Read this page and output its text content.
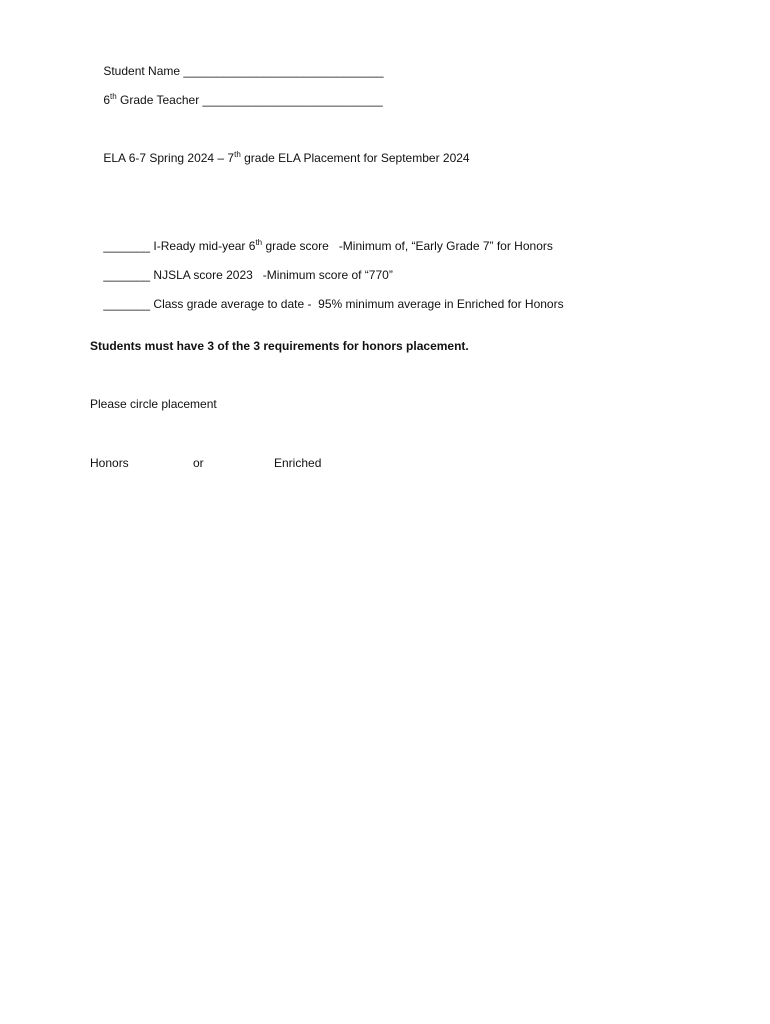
Student Name ______________________________

6th Grade Teacher ___________________________

ELA 6-7 Spring 2024 – 7th grade ELA Placement for September 2024

_______ I-Ready mid-year 6th grade score   -Minimum of, “Early Grade 7” for Honors

_______ NJSLA score 2023   -Minimum score of “770”

_______ Class grade average to date -  95% minimum average in Enriched for Honors

Students must have 3 of the 3 requirements for honors placement.
Please circle placement
Honors	or	Enriched
